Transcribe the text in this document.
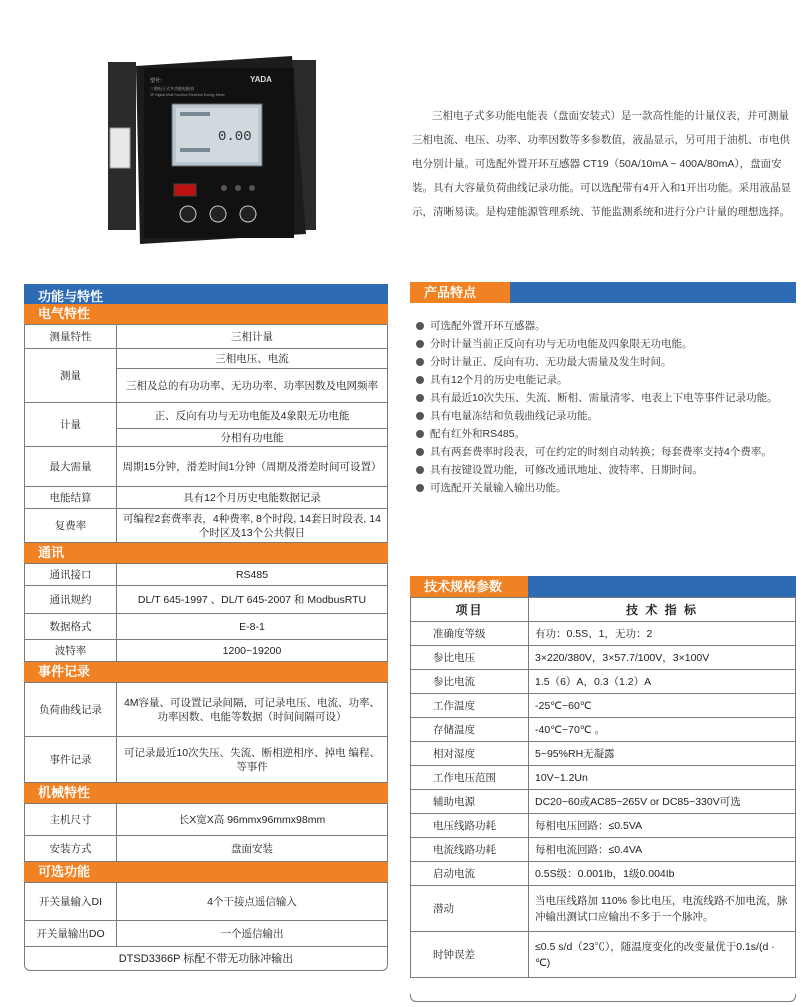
型号：	YADA
三相电子式多功能电能表
3P Digital Multi Function Electrical Energy Meter
0.00

三相电子式多功能电能表（盘面安装式）是一款高性能的计量仪表，并可测量三相电流、电压、功率、功率因数等多参数值，液晶显示，另可用于油机、市电供电分别计量。可选配外置开环互感器 CT19（50A/10mA ~ 400A/80mA），盘面安装。具有大容量负荷曲线记录功能。可以选配带有4开入和1开出功能。采用液晶显示，清晰易读。是构建能源管理系统、节能监测系统和进行分户计量的理想选择。

功能与特性
电气特性
测量特性	三相计量
测量	三相电压、电流
	三相及总的有功功率、无功功率、功率因数及电网频率
计量	正、反向有功与无功电能及4象限无功电能
	分相有功电能
最大需量	周期15分钟，滑差时间1分钟（周期及滑差时间可设置）
电能结算	具有12个月历史电能数据记录
复费率	可编程2套费率表，4种费率, 8个时段, 14套日时段表, 14个时区及13个公共假日
通讯
通讯接口	RS485
通讯规约	DL/T 645-1997 、DL/T 645-2007 和 ModbusRTU
数据格式	E-8-1
波特率	1200~19200
事件记录
负荷曲线记录	4M容量、可设置记录间隔，可记录电压、电流、功率、功率因数、电能等数据（时间间隔可设）
事件记录	可记录最近10次失压、失流、断相逆相序、掉电 编程、等事件
机械特性
主机尺寸	长X宽X高 96mmx96mmx98mm
安装方式	盘面安装
可选功能
开关量输入DI	4个干接点遥信输入
开关量输出DO	一个遥信输出
DTSD3366P 标配不带无功脉冲输出
产品特点
可选配外置开环互感器。
分时计量当前正反向有功与无功电能及四象限无功电能。
分时计量正、反向有功、无功最大需量及发生时间。
具有12个月的历史电能记录。
具有最近10次失压、失流、断相、需量清零、电表上下电等事件记录功能。
具有电量冻结和负载曲线记录功能。
配有红外和RS485。
具有两套费率时段表，可在约定的时刻自动转换；每套费率支持4个费率。
具有按键设置功能，可修改通讯地址、波特率、日期时间。
可选配开关量输入输出功能。
技术规格参数
项目	技 术 指 标
准确度等级	有功：0.5S、1，无功：2
参比电压	3×220/380V，3×57.7/100V，3×100V
参比电流	1.5（6）A，0.3（1.2）A
工作温度	-25℃~60℃
存储温度	-40℃~70℃ 。
相对湿度	5~95%RH无凝露
工作电压范围	10V~1.2Un
辅助电源	DC20~60或AC85~265V or DC85~330V可选
电压线路功耗	每相电压回路：≤0.5VA
电流线路功耗	每相电流回路：≤0.4VA
启动电流	0.5S级：0.001Ib，1级0.004Ib
潜动	当电压线路加 110% 参比电压，电流线路不加电流，脉冲输出测试口应输出不多于一个脉冲。
时钟误差	≤0.5 s/d（23℃），随温度变化的改变量优于0.1s/(d · ℃)
